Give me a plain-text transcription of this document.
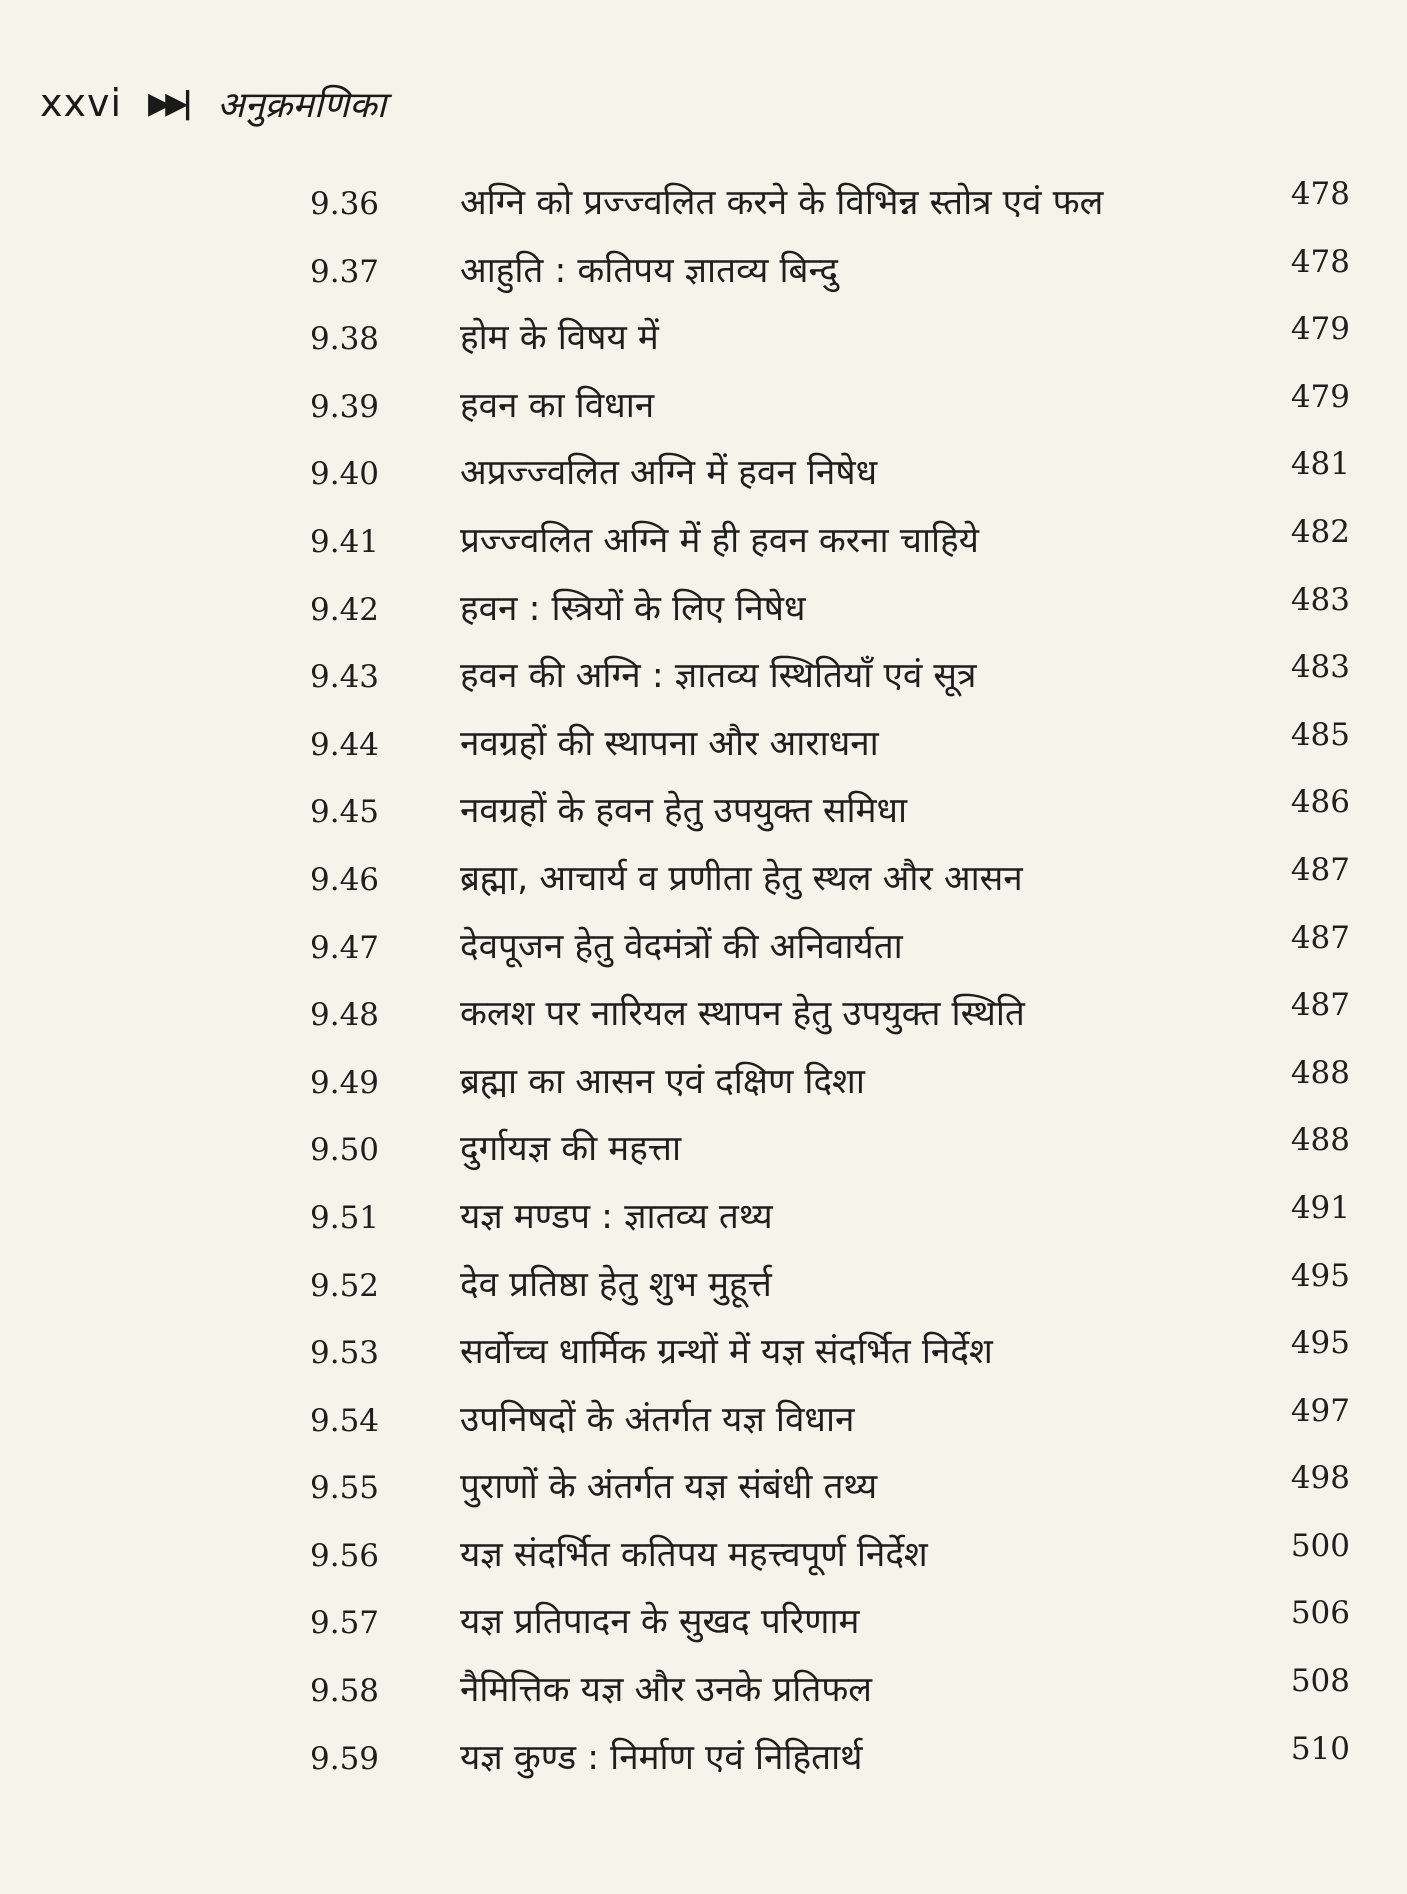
xxvi ▶▶| अनुक्रमणिका
9.36 अग्नि को प्रज्ज्वलित करने के विभिन्न स्तोत्र एवं फल	478
9.37 आहुति : कतिपय ज्ञातव्य बिन्दु	478
9.38 होम के विषय में	479
9.39 हवन का विधान	479
9.40 अप्रज्ज्वलित अग्नि में हवन निषेध	481
9.41 प्रज्ज्वलित अग्नि में ही हवन करना चाहिये	482
9.42 हवन : स्त्रियों के लिए निषेध	483
9.43 हवन की अग्नि : ज्ञातव्य स्थितियाँ एवं सूत्र	483
9.44 नवग्रहों की स्थापना और आराधना	485
9.45 नवग्रहों के हवन हेतु उपयुक्त समिधा	486
9.46 ब्रह्मा, आचार्य व प्रणीता हेतु स्थल और आसन	487
9.47 देवपूजन हेतु वेदमंत्रों की अनिवार्यता	487
9.48 कलश पर नारियल स्थापन हेतु उपयुक्त स्थिति	487
9.49 ब्रह्मा का आसन एवं दक्षिण दिशा	488
9.50 दुर्गायज्ञ की महत्ता	488
9.51 यज्ञ मण्डप : ज्ञातव्य तथ्य	491
9.52 देव प्रतिष्ठा हेतु शुभ मुहूर्त्त	495
9.53 सर्वोच्च धार्मिक ग्रन्थों में यज्ञ संदर्भित निर्देश	495
9.54 उपनिषदों के अंतर्गत यज्ञ विधान	497
9.55 पुराणों के अंतर्गत यज्ञ संबंधी तथ्य	498
9.56 यज्ञ संदर्भित कतिपय महत्त्वपूर्ण निर्देश	500
9.57 यज्ञ प्रतिपादन के सुखद परिणाम	506
9.58 नैमित्तिक यज्ञ और उनके प्रतिफल	508
9.59 यज्ञ कुण्ड : निर्माण एवं निहितार्थ	510
